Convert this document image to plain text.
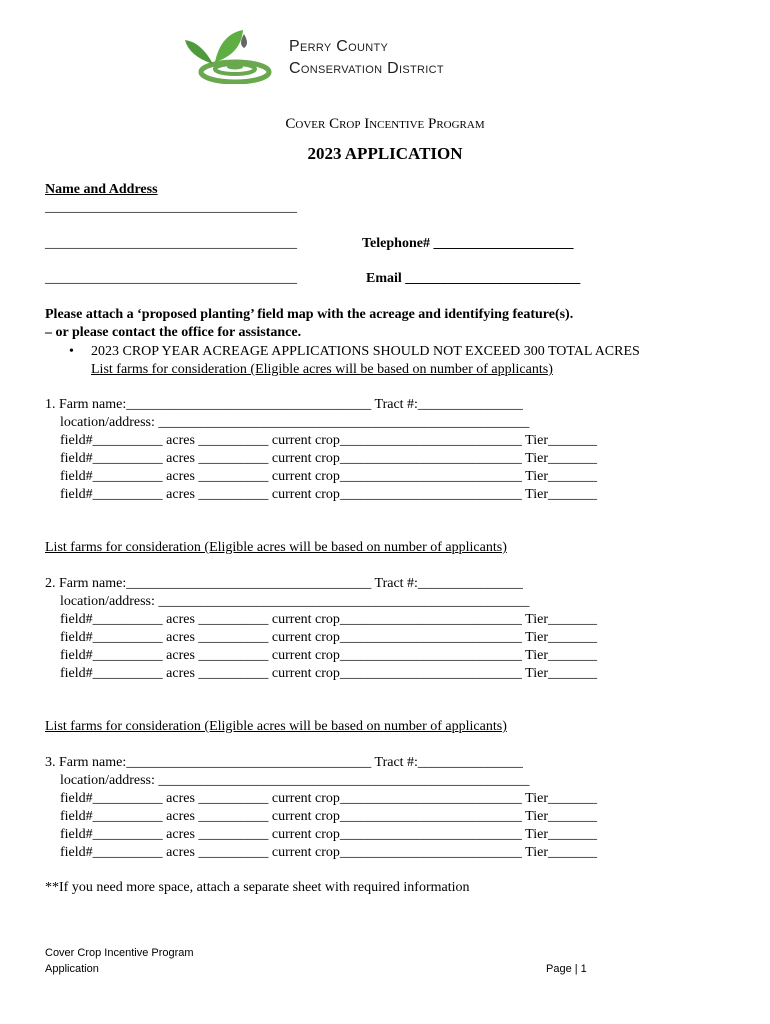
Perry County
Conservation District
Cover Crop Incentive Program
2023 APPLICATION
Name and Address
____________________________________
____________________________________	Telephone# ____________________
____________________________________	Email _________________________
Please attach a ‘proposed planting’ field map with the acreage and identifying feature(s).
– or please contact the office for assistance.
• 2023 CROP YEAR ACREAGE APPLICATIONS SHOULD NOT EXCEED 300 TOTAL ACRES
List farms for consideration (Eligible acres will be based on number of applicants)
1. Farm name:___________________________________ Tract #:_______________
location/address: _____________________________________________________
field#__________ acres __________ current crop__________________________ Tier_______
field#__________ acres __________ current crop__________________________ Tier_______
field#__________ acres __________ current crop__________________________ Tier_______
field#__________ acres __________ current crop__________________________ Tier_______
List farms for consideration (Eligible acres will be based on number of applicants)
2. Farm name:___________________________________ Tract #:_______________
location/address: _____________________________________________________
field#__________ acres __________ current crop__________________________ Tier_______
field#__________ acres __________ current crop__________________________ Tier_______
field#__________ acres __________ current crop__________________________ Tier_______
field#__________ acres __________ current crop__________________________ Tier_______
List farms for consideration (Eligible acres will be based on number of applicants)
3. Farm name:___________________________________ Tract #:_______________
location/address: _____________________________________________________
field#__________ acres __________ current crop__________________________ Tier_______
field#__________ acres __________ current crop__________________________ Tier_______
field#__________ acres __________ current crop__________________________ Tier_______
field#__________ acres __________ current crop__________________________ Tier_______
**If you need more space, attach a separate sheet with required information
Cover Crop Incentive Program
Application	Page | 1
